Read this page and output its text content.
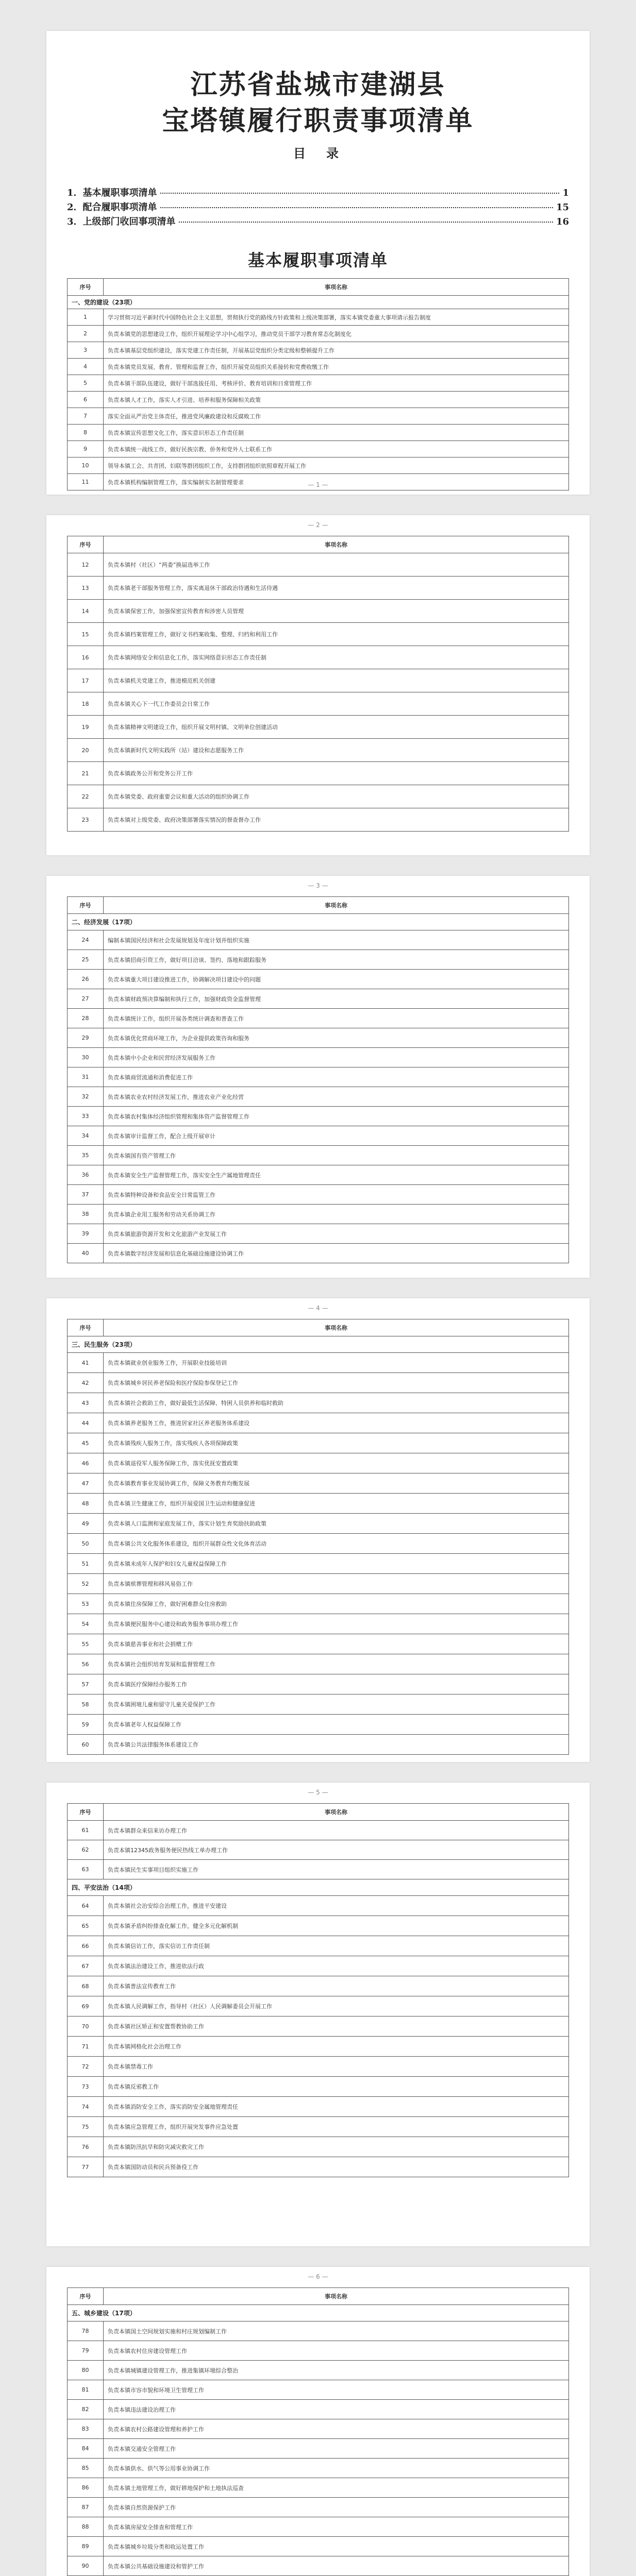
江苏省盐城市建湖县
宝塔镇履行职责事项清单
目　录
1．基本履职事项清单	1
2．配合履职事项清单	15
3．上级部门收回事项清单	16
基本履职事项清单
序号	事项名称
一、党的建设（23项）	
1	学习贯彻习近平新时代中国特色社会主义思想，贯彻执行党的路线方针政策和上级决策部署，落实本镇党委重大事项请示报告制度
2	负责本镇党的思想建设工作，组织开展理论学习中心组学习，推动党员干部学习教育常态化制度化
3	负责本镇基层党组织建设，落实党建工作责任制，开展基层党组织分类定级和整顿提升工作
4	负责本镇党员发展、教育、管理和监督工作，组织开展党员组织关系接转和党费收缴工作
5	负责本镇干部队伍建设，做好干部选拔任用、考核评价、教育培训和日常管理工作
6	负责本镇人才工作，落实人才引进、培养和服务保障相关政策
7	落实全面从严治党主体责任，推进党风廉政建设和反腐败工作
8	负责本镇宣传思想文化工作，落实意识形态工作责任制
9	负责本镇统一战线工作，做好民族宗教、侨务和党外人士联系工作
10	领导本镇工会、共青团、妇联等群团组织工作，支持群团组织依照章程开展工作
11	负责本镇机构编制管理工作，落实编制实名制管理要求	— 1 —
— 2 —
序号	事项名称
12	负责本镇村（社区）“两委”换届选举工作
13	负责本镇老干部服务管理工作，落实离退休干部政治待遇和生活待遇
14	负责本镇保密工作，加强保密宣传教育和涉密人员管理
15	负责本镇档案管理工作，做好文书档案收集、整理、归档和利用工作
16	负责本镇网络安全和信息化工作，落实网络意识形态工作责任制
17	负责本镇机关党建工作，推进模范机关创建
18	负责本镇关心下一代工作委员会日常工作
19	负责本镇精神文明建设工作，组织开展文明村镇、文明单位创建活动
20	负责本镇新时代文明实践所（站）建设和志愿服务工作
21	负责本镇政务公开和党务公开工作
22	负责本镇党委、政府重要会议和重大活动的组织协调工作
23	负责本镇对上级党委、政府决策部署落实情况的督查督办工作
— 3 —
序号	事项名称
二、经济发展（17项）	
24	编制本镇国民经济和社会发展规划及年度计划并组织实施
25	负责本镇招商引资工作，做好项目洽谈、签约、落地和跟踪服务
26	负责本镇重大项目建设推进工作，协调解决项目建设中的问题
27	负责本镇财政预决算编制和执行工作，加强财政资金监督管理
28	负责本镇统计工作，组织开展各类统计调查和普查工作
29	负责本镇优化营商环境工作，为企业提供政策咨询和服务
30	负责本镇中小企业和民营经济发展服务工作
31	负责本镇商贸流通和消费促进工作
32	负责本镇农业农村经济发展工作，推进农业产业化经营
33	负责本镇农村集体经济组织管理和集体资产监督管理工作
34	负责本镇审计监督工作，配合上级开展审计
35	负责本镇国有资产管理工作
36	负责本镇安全生产监督管理工作，落实安全生产属地管理责任
37	负责本镇特种设备和食品安全日常监管工作
38	负责本镇企业用工服务和劳动关系协调工作
39	负责本镇旅游资源开发和文化旅游产业发展工作
40	负责本镇数字经济发展和信息化基础设施建设协调工作
— 4 —
序号	事项名称
三、民生服务（23项）	
41	负责本镇就业创业服务工作，开展职业技能培训
42	负责本镇城乡居民养老保险和医疗保险参保登记工作
43	负责本镇社会救助工作，做好最低生活保障、特困人员供养和临时救助
44	负责本镇养老服务工作，推进居家社区养老服务体系建设
45	负责本镇残疾人服务工作，落实残疾人各项保障政策
46	负责本镇退役军人服务保障工作，落实优抚安置政策
47	负责本镇教育事业发展协调工作，保障义务教育均衡发展
48	负责本镇卫生健康工作，组织开展爱国卫生运动和健康促进
49	负责本镇人口监测和家庭发展工作，落实计划生育奖励扶助政策
50	负责本镇公共文化服务体系建设，组织开展群众性文化体育活动
51	负责本镇未成年人保护和妇女儿童权益保障工作
52	负责本镇殡葬管理和移风易俗工作
53	负责本镇住房保障工作，做好困难群众住房救助
54	负责本镇便民服务中心建设和政务服务事项办理工作
55	负责本镇慈善事业和社会捐赠工作
56	负责本镇社会组织培育发展和监督管理工作
57	负责本镇医疗保障经办服务工作
58	负责本镇困境儿童和留守儿童关爱保护工作
59	负责本镇老年人权益保障工作
60	负责本镇公共法律服务体系建设工作
— 5 —
序号	事项名称
61	负责本镇群众来信来访办理工作
62	负责本镇12345政务服务便民热线工单办理工作
63	负责本镇民生实事项目组织实施工作
四、平安法治（14项）	
64	负责本镇社会治安综合治理工作，推进平安建设
65	负责本镇矛盾纠纷排查化解工作，健全多元化解机制
66	负责本镇信访工作，落实信访工作责任制
67	负责本镇法治建设工作，推进依法行政
68	负责本镇普法宣传教育工作
69	负责本镇人民调解工作，指导村（社区）人民调解委员会开展工作
70	负责本镇社区矫正和安置帮教协助工作
71	负责本镇网格化社会治理工作
72	负责本镇禁毒工作
73	负责本镇反邪教工作
74	负责本镇消防安全工作，落实消防安全属地管理责任
75	负责本镇应急管理工作，组织开展突发事件应急处置
76	负责本镇防汛抗旱和防灾减灾救灾工作
77	负责本镇国防动员和民兵预备役工作
— 6 —
序号	事项名称
五、城乡建设（17项）	
78	负责本镇国土空间规划实施和村庄规划编制工作
79	负责本镇农村住房建设管理工作
80	负责本镇城镇建设管理工作，推进集镇环境综合整治
81	负责本镇市容市貌和环境卫生管理工作
82	负责本镇违法建设治理工作
83	负责本镇农村公路建设管理和养护工作
84	负责本镇交通安全管理工作
85	负责本镇供水、供气等公用事业协调工作
86	负责本镇土地管理工作，做好耕地保护和土地执法巡查
87	负责本镇自然资源保护工作
88	负责本镇房屋安全排查和管理工作
89	负责本镇城乡垃圾分类和收运处置工作
90	负责本镇公共基础设施建设和管护工作
